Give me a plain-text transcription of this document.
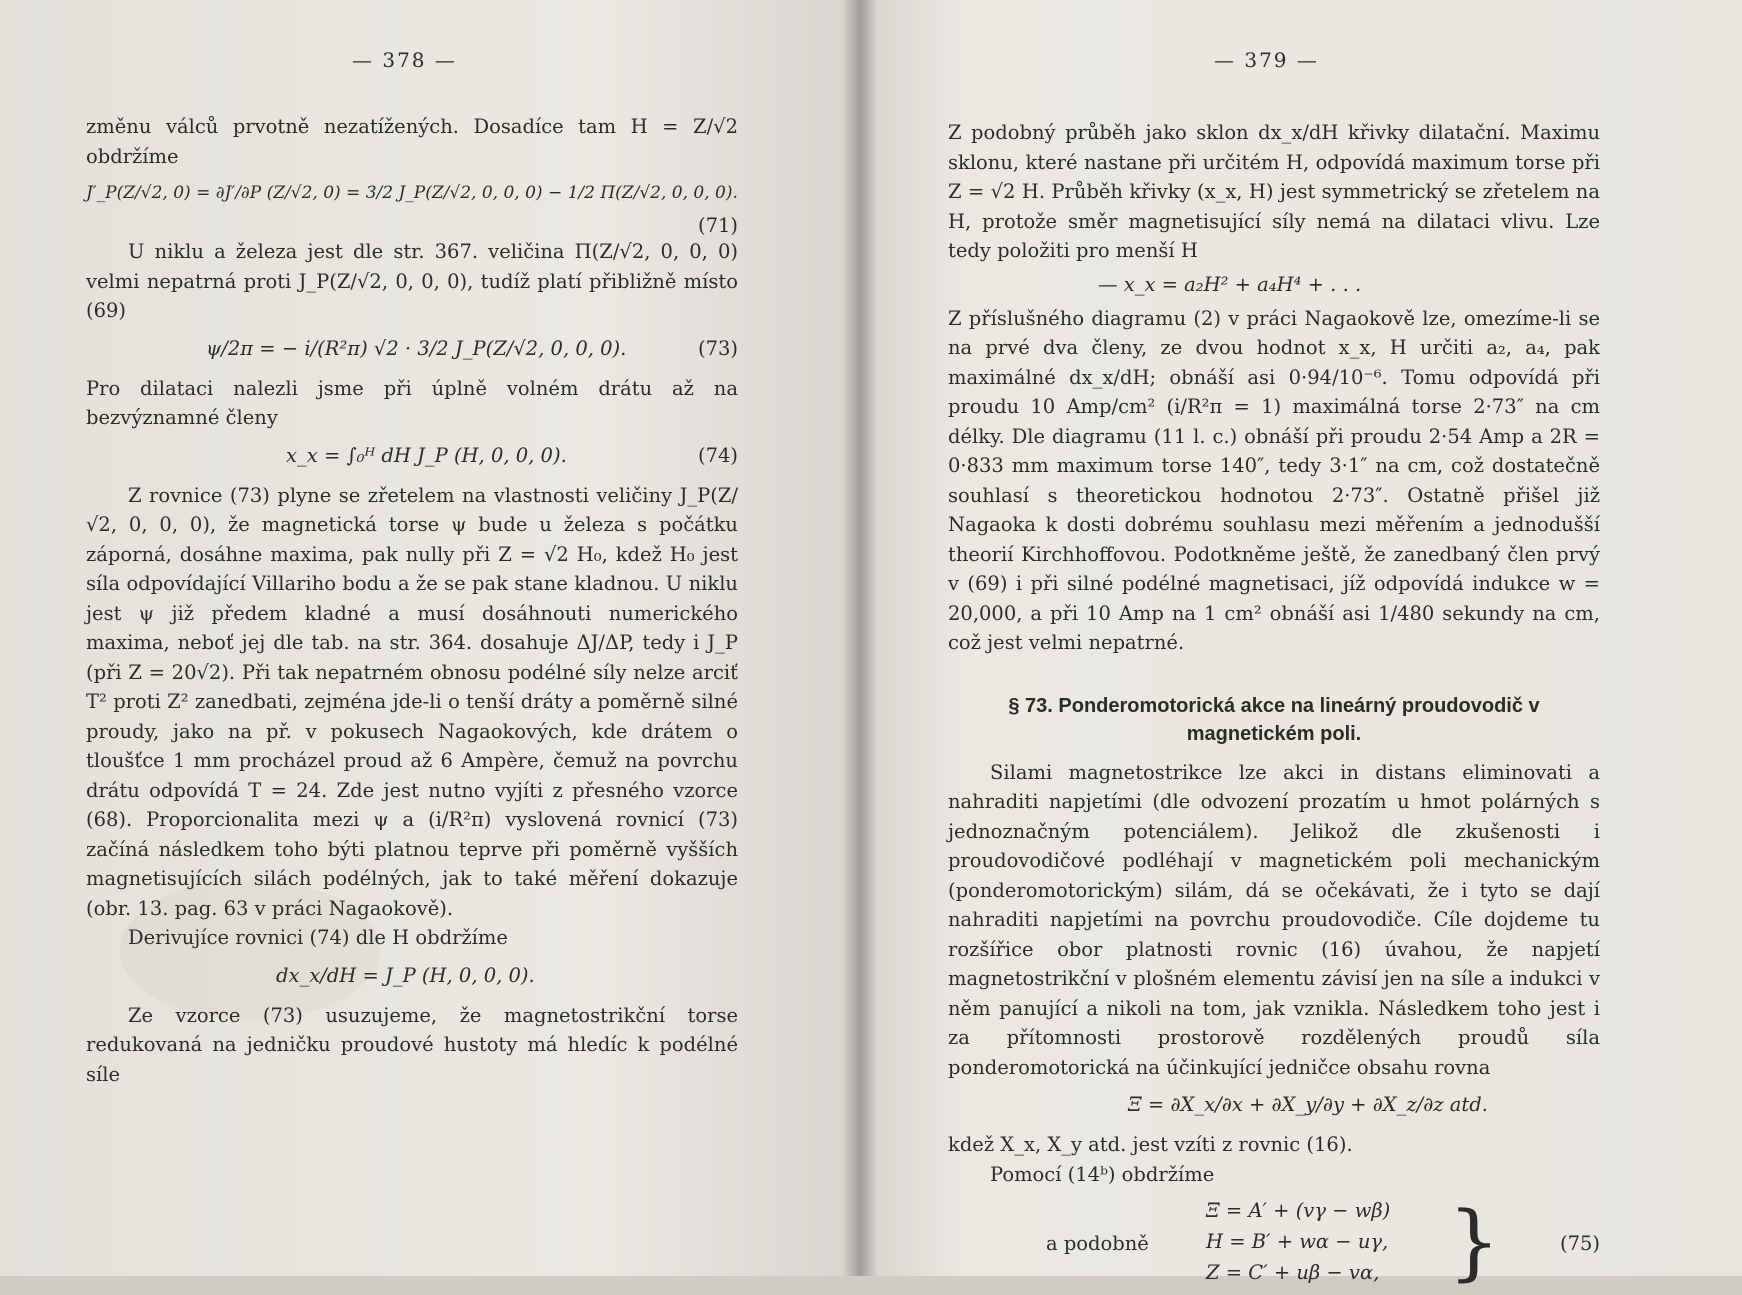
— 378 —

změnu válců prvotně nezatížených. Dosadíce tam H = Z/√2 obdržíme

J′_P(Z/√2, 0) = ∂J′/∂P (Z/√2, 0) = 3/2 J_P(Z/√2, 0, 0, 0) − 1/2 Π(Z/√2, 0, 0, 0).
(71)

U niklu a železa jest dle str. 367. veličina Π(Z/√2, 0, 0, 0) velmi nepatrná proti J_P(Z/√2, 0, 0, 0), tudíž platí přibližně místo (69)

ψ/2π = − i/(R²π) √2 · 3/2 J_P(Z/√2, 0, 0, 0).	(73)

Pro dilataci nalezli jsme při úplně volném drátu až na bezvýznamné členy

x_x = ∫₀ᴴ dH J_P (H, 0, 0, 0).	(74)

Z rovnice (73) plyne se zřetelem na vlastnosti veličiny J_P(Z/√2, 0, 0, 0), že magnetická torse ψ bude u železa s počátku záporná, dosáhne maxima, pak nully při Z = √2 H₀, kdež H₀ jest síla odpovídající Villariho bodu a že se pak stane kladnou. U niklu jest ψ již předem kladné a musí dosáhnouti numerického maxima, neboť jej dle tab. na str. 364. dosahuje ΔJ/ΔP, tedy i J_P (při Z = 20√2). Při tak nepatrném obnosu podélné síly nelze arciť T² proti Z² zanedbati, zejména jde-li o tenší dráty a poměrně silné proudy, jako na př. v pokusech Nagaokových, kde drátem o tloušťce 1 mm procházel proud až 6 Ampère, čemuž na povrchu drátu odpovídá T = 24. Zde jest nutno vyjíti z přesného vzorce (68). Proporcionalita mezi ψ a (i/R²π) vyslovená rovnicí (73) začíná následkem toho býti platnou teprve při poměrně vyšších magnetisujících silách podélných, jak to také měření dokazuje (obr. 13. pag. 63 v práci Nagaokově).

Derivujíce rovnici (74) dle H obdržíme

dx_x/dH = J_P (H, 0, 0, 0).

Ze vzorce (73) usuzujeme, že magnetostrikční torse redukovaná na jedničku proudové hustoty má hledíc k podélné síle

— 379 —

Z podobný průběh jako sklon dx_x/dH křivky dilatační. Maximu sklonu, které nastane při určitém H, odpovídá maximum torse při Z = √2 H. Průběh křivky (x_x, H) jest symmetrický se zřetelem na H, protože směr magnetisující síly nemá na dilataci vlivu. Lze tedy položiti pro menší H

— x_x = a₂H² + a₄H⁴ + . . .

Z příslušného diagramu (2) v práci Nagaokově lze, omezíme-li se na prvé dva členy, ze dvou hodnot x_x, H určiti a₂, a₄, pak maximálné dx_x/dH; obnáší asi 0·94/10⁻⁶. Tomu odpovídá při proudu 10 Amp/cm² (i/R²π = 1) maximálná torse 2·73″ na cm délky. Dle diagramu (11 l. c.) obnáší při proudu 2·54 Amp a 2R = 0·833 mm maximum torse 140″, tedy 3·1″ na cm, což dostatečně souhlasí s theoretickou hodnotou 2·73″. Ostatně přišel již Nagaoka k dosti dobrému souhlasu mezi měřením a jednodušší theorií Kirchhoffovou. Podotkněme ještě, že zanedbaný člen prvý v (69) i při silné podélné magnetisaci, jíž odpovídá indukce w = 20,000, a při 10 Amp na 1 cm² obnáší asi 1/480 sekundy na cm, což jest velmi nepatrné.

§ 73. Ponderomotorická akce na lineárný proudovodič v magnetickém poli.

Silami magnetostrikce lze akci in distans eliminovati a nahraditi napjetími (dle odvození prozatím u hmot polárných s jednoznačným potenciálem). Jelikož dle zkušenosti i proudovodičové podléhají v magnetickém poli mechanickým (ponderomotorickým) silám, dá se očekávati, že i tyto se dají nahraditi napjetími na povrchu proudovodiče. Cíle dojdeme tu rozšířice obor platnosti rovnic (16) úvahou, že napjetí magnetostrikční v plošném elementu závisí jen na síle a indukci v něm panující a nikoli na tom, jak vznikla. Následkem toho jest i za přítomnosti prostorově rozdělených proudů síla ponderomotorická na účinkující jedničce obsahu rovna

Ξ = ∂X_x/∂x + ∂X_y/∂y + ∂X_z/∂z atd.

kdež X_x, X_y atd. jest vzíti z rovnic (16).

Pomocí (14ᵇ) obdržíme

a podobně
Ξ = A′ + (vγ − wβ)
H = B′ + wα − uγ,
Z = C′ + uβ − vα, }	(75)
